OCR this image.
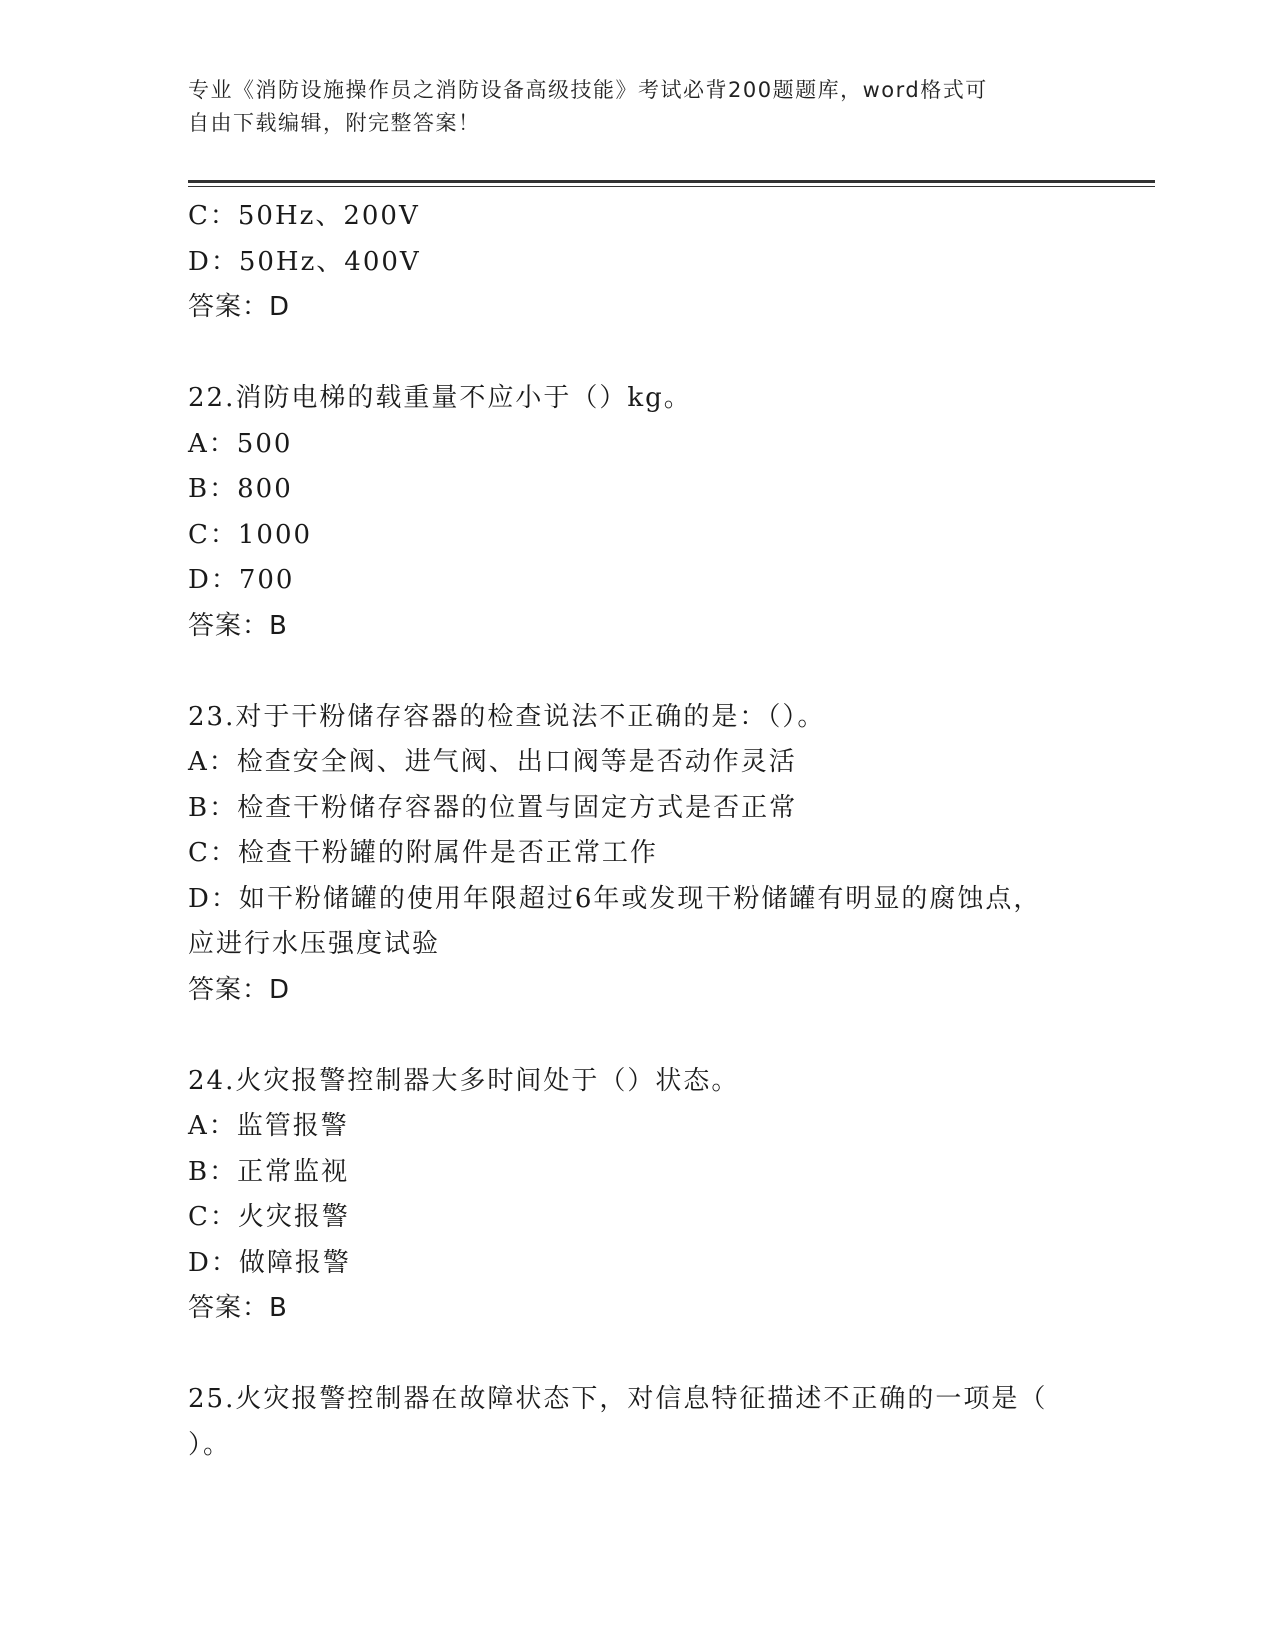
专业《消防设施操作员之消防设备高级技能》考试必背200题题库，word格式可
自由下载编辑，附完整答案！
C：50Hz、200V
D：50Hz、400V
答案：D
22.消防电梯的载重量不应小于（）kg。
A：500
B：800
C：1000
D：700
答案：B
23.对于干粉储存容器的检查说法不正确的是：（）。
A：检查安全阀、进气阀、出口阀等是否动作灵活
B：检查干粉储存容器的位置与固定方式是否正常
C：检查干粉罐的附属件是否正常工作
D：如干粉储罐的使用年限超过6年或发现干粉储罐有明显的腐蚀点，
应进行水压强度试验
答案：D
24.火灾报警控制器大多时间处于（）状态。
A：监管报警
B：正常监视
C：火灾报警
D：做障报警
答案：B
25.火灾报警控制器在故障状态下，对信息特征描述不正确的一项是（
）。
